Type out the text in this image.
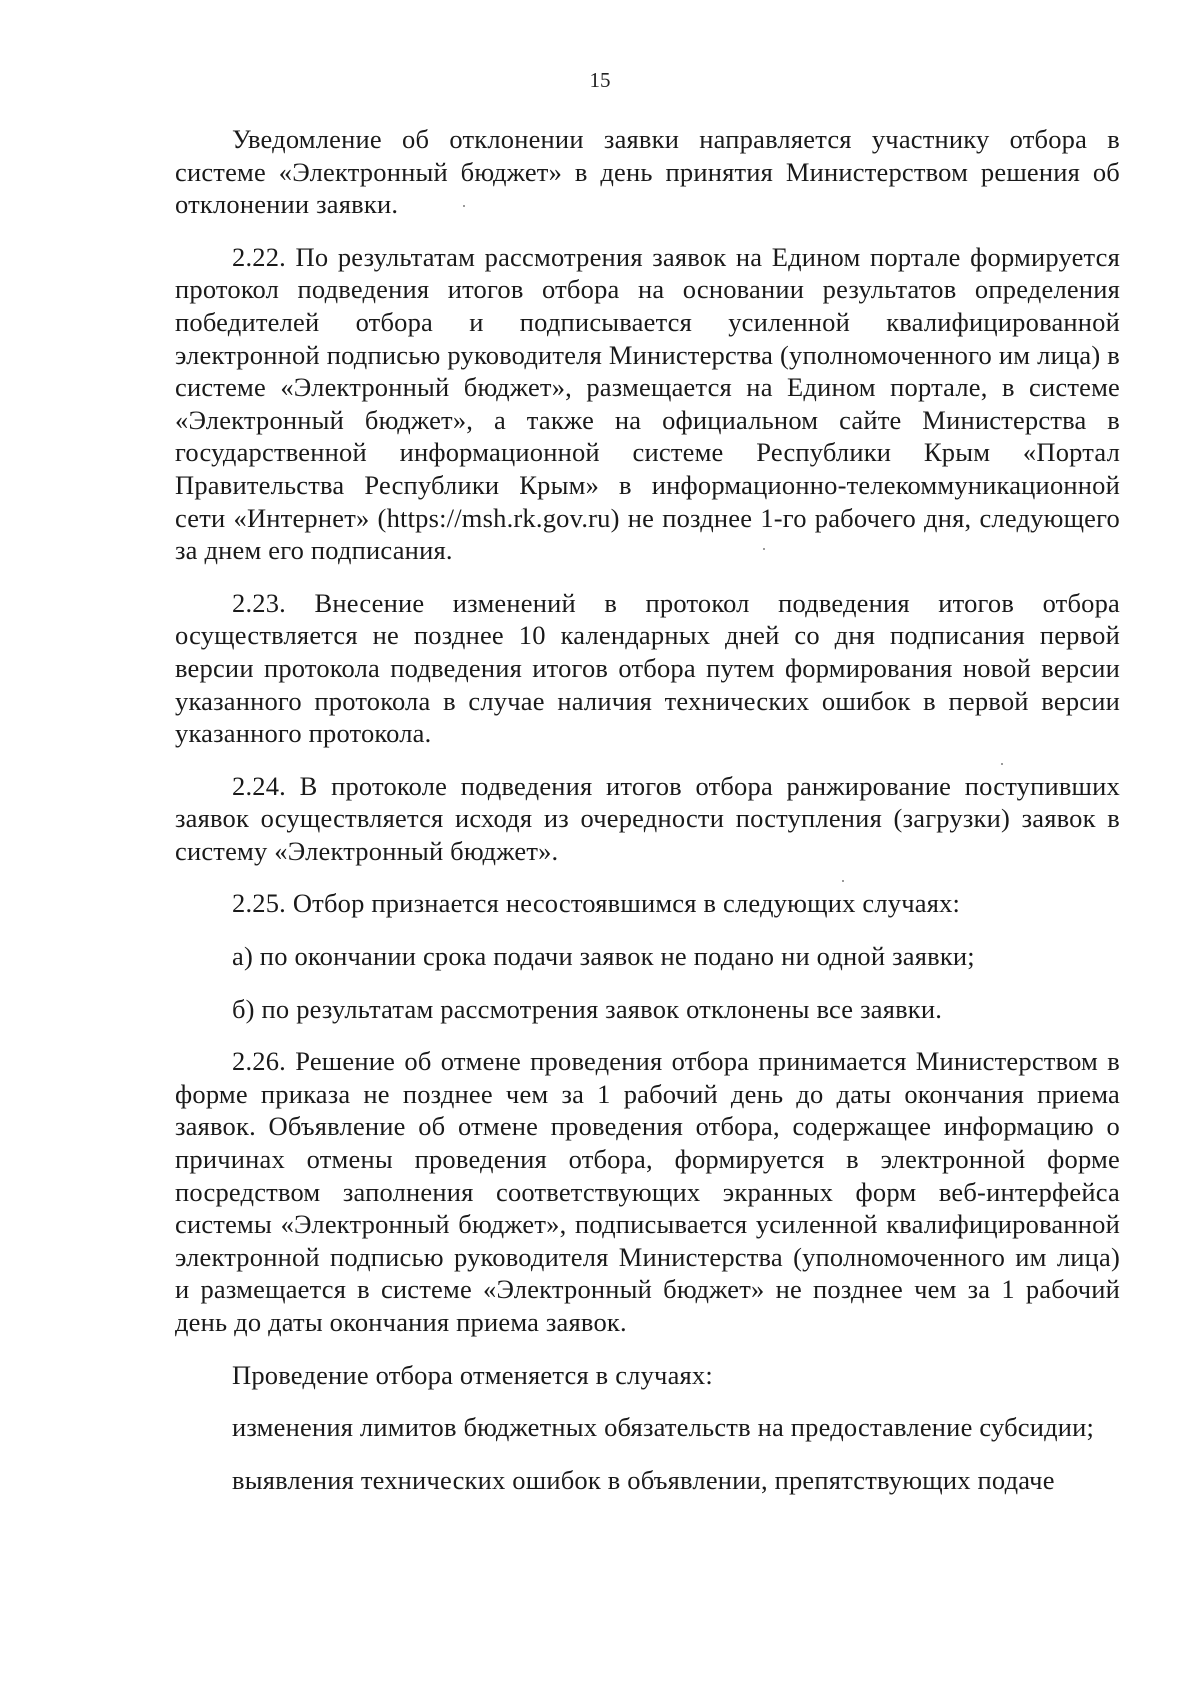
15

Уведомление об отклонении заявки направляется участнику отбора в системе «Электронный бюджет» в день принятия Министерством решения об отклонении заявки.

2.22. По результатам рассмотрения заявок на Едином портале формируется протокол подведения итогов отбора на основании результатов определения победителей отбора и подписывается усиленной квалифицированной электронной подписью руководителя Министерства (уполномоченного им лица) в системе «Электронный бюджет», размещается на Едином портале, в системе «Электронный бюджет», а также на официальном сайте Министерства в государственной информационной системе Республики Крым «Портал Правительства Республики Крым» в информационно-телекоммуникационной сети «Интернет» (https://msh.rk.gov.ru) не позднее 1-го рабочего дня, следующего за днем его подписания.

2.23. Внесение изменений в протокол подведения итогов отбора осуществляется не позднее 10 календарных дней со дня подписания первой версии протокола подведения итогов отбора путем формирования новой версии указанного протокола в случае наличия технических ошибок в первой версии указанного протокола.

2.24. В протоколе подведения итогов отбора ранжирование поступивших заявок осуществляется исходя из очередности поступления (загрузки) заявок в систему «Электронный бюджет».

2.25. Отбор признается несостоявшимся в следующих случаях:

а) по окончании срока подачи заявок не подано ни одной заявки;

б) по результатам рассмотрения заявок отклонены все заявки.

2.26. Решение об отмене проведения отбора принимается Министерством в форме приказа не позднее чем за 1 рабочий день до даты окончания приема заявок. Объявление об отмене проведения отбора, содержащее информацию о причинах отмены проведения отбора, формируется в электронной форме посредством заполнения соответствующих экранных форм веб-интерфейса системы «Электронный бюджет», подписывается усиленной квалифицированной электронной подписью руководителя Министерства (уполномоченного им лица) и размещается в системе «Электронный бюджет» не позднее чем за 1 рабочий день до даты окончания приема заявок.

Проведение отбора отменяется в случаях:

изменения лимитов бюджетных обязательств на предоставление субсидии;

выявления технических ошибок в объявлении, препятствующих подаче
